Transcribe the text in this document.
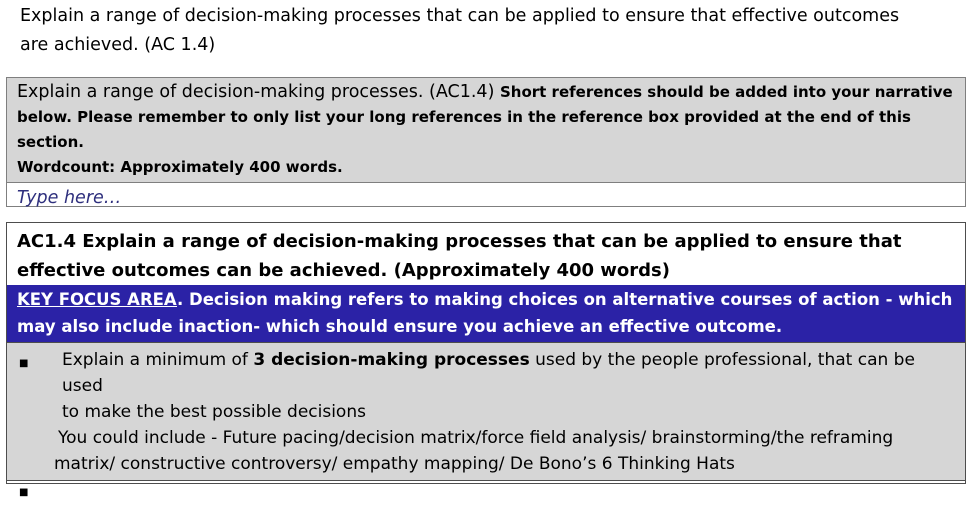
Explain a range of decision-making processes that can be applied to ensure that effective outcomes
are achieved. (AC 1.4)
Explain a range of decision-making processes. (AC1.4) Short references should be added into your narrative
below. Please remember to only list your long references in the reference box provided at the end of this section.
Wordcount: Approximately 400 words.
Type here…
AC1.4 Explain a range of decision-making processes that can be applied to ensure that
effective outcomes can be achieved. (Approximately 400 words)
KEY FOCUS AREA. Decision making refers to making choices on alternative courses of action - which
may also include inaction- which should ensure you achieve an effective outcome.
■ Explain a minimum of 3 decision-making processes used by the people professional, that can be used
to make the best possible decisions
You could include - Future pacing/decision matrix/force field analysis/ brainstorming/the reframing
matrix/ constructive controversy/ empathy mapping/ De Bono’s 6 Thinking Hats
■
